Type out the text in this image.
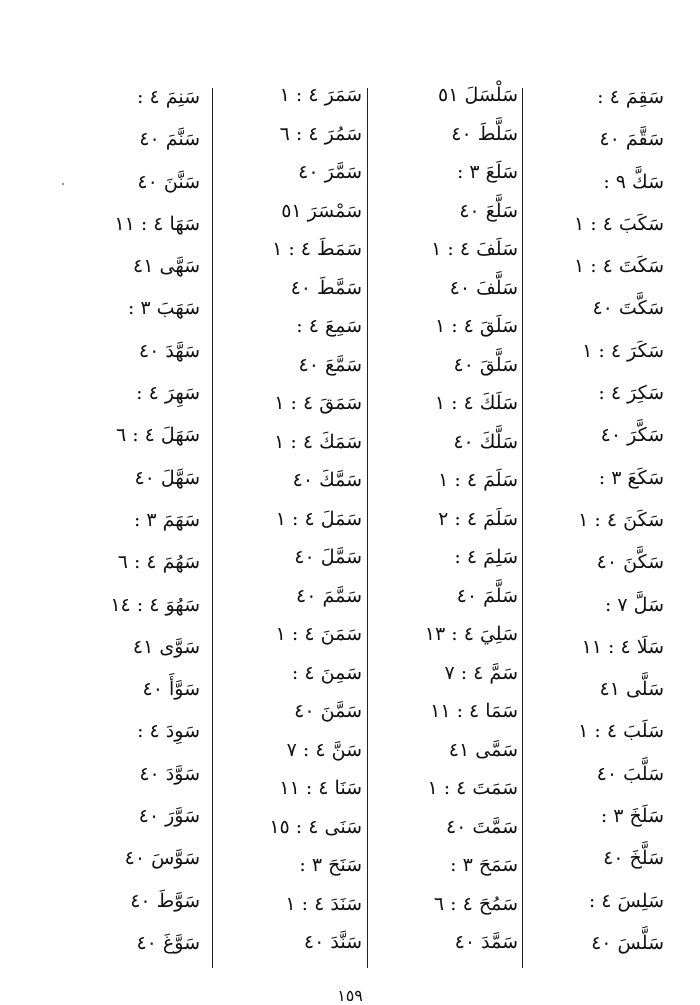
سَقِمَ ٤ :
سَقَّمَ ٤٠
سَكَّ ٩ :
سَكَبَ ٤ : ١
سَكَتَ ٤ : ١
سَكَّتَ ٤٠
سَكَرَ ٤ : ١
سَكِرَ ٤ :
سَكَّرَ ٤٠
سَكَعَ ٣ :
سَكَنَ ٤ : ١
سَكَّنَ ٤٠
سَلَّ ٧ :
سَلَا ٤ : ١١
سَلَّى ٤١
سَلَبَ ٤ : ١
سَلَّبَ ٤٠
سَلَخَ ٣ :
سَلَّخَ ٤٠
سَلِسَ ٤ :
سَلَّسَ ٤٠
سَلْسَلَ ٥١
سَلَّطَ ٤٠
سَلَعَ ٣ :
سَلَّعَ ٤٠
سَلَفَ ٤ : ١
سَلَّفَ ٤٠
سَلَقَ ٤ : ١
سَلَّقَ ٤٠
سَلَكَ ٤ : ١
سَلَّكَ ٤٠
سَلَمَ ٤ : ١
سَلَمَ ٤ : ٢
سَلِمَ ٤ :
سَلَّمَ ٤٠
سَلِيَ ٤ : ١٣
سَمَّ ٤ : ٧
سَمَا ٤ : ١١
سَمَّى ٤١
سَمَتَ ٤ : ١
سَمَّتَ ٤٠
سَمَحَ ٣ :
سَمُحَ ٤ : ٦
سَمَّدَ ٤٠
سَمَرَ ٤ : ١
سَمُرَ ٤ : ٦
سَمَّرَ ٤٠
سَمْسَرَ ٥١
سَمَطَ ٤ : ١
سَمَّطَ ٤٠
سَمِعَ ٤ :
سَمَّعَ ٤٠
سَمَقَ ٤ : ١
سَمَكَ ٤ : ١
سَمَّكَ ٤٠
سَمَلَ ٤ : ١
سَمَّلَ ٤٠
سَمَّمَ ٤٠
سَمَنَ ٤ : ١
سَمِنَ ٤ :
سَمَّنَ ٤٠
سَنَّ ٤ : ٧
سَنَا ٤ : ١١
سَنَى ٤ : ١٥
سَنَحَ ٣ :
سَنَدَ ٤ : ١
سَنَّدَ ٤٠
سَنِمَ ٤ :
سَنَّمَ ٤٠
سَنَّنَ ٤٠
سَهَا ٤ : ١١
سَهَّى ٤١
سَهَبَ ٣ :
سَهَّدَ ٤٠
سَهِرَ ٤ :
سَهَلَ ٤ : ٦
سَهَّلَ ٤٠
سَهَمَ ٣ :
سَهُمَ ٤ : ٦
سَهُوَ ٤ : ١٤
سَوَّى ٤١
سَوَّأَ ٤٠
سَوِدَ ٤ :
سَوَّدَ ٤٠
سَوَّرَ ٤٠
سَوَّسَ ٤٠
سَوَّطَ ٤٠
سَوَّغَ ٤٠
١٥٩
